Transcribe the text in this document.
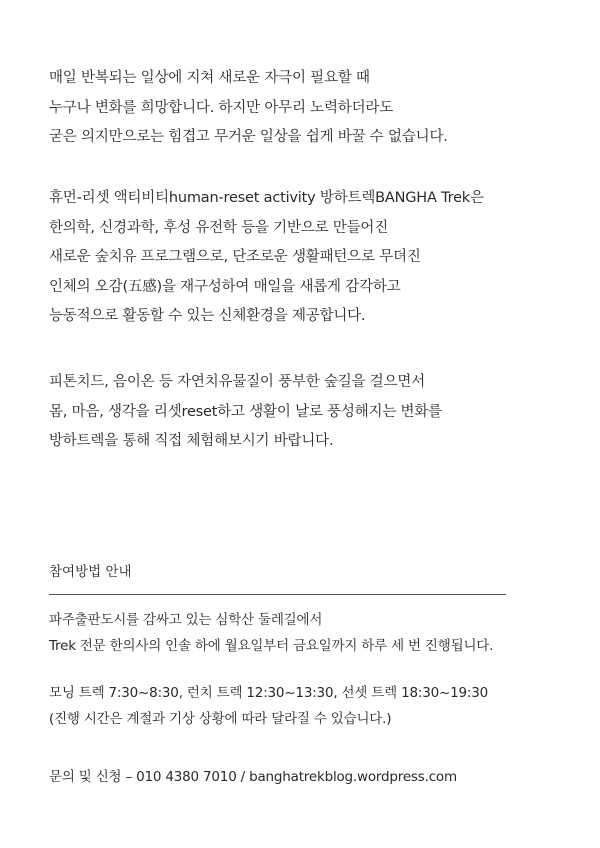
매일 반복되는 일상에 지쳐 새로운 자극이 필요할 때
누구나 변화를 희망합니다. 하지만 아무리 노력하더라도
굳은 의지만으로는 힘겹고 무거운 일상을 쉽게 바꿀 수 없습니다.
휴먼-리셋 액티비티human-reset activity 방하트렉BANGHA Trek은
한의학, 신경과학, 후성 유전학 등을 기반으로 만들어진
새로운 숲치유 프로그램으로, 단조로운 생활패턴으로 무뎌진
인체의 오감(五感)을 재구성하여 매일을 새롭게 감각하고
능동적으로 활동할 수 있는 신체환경을 제공합니다.
피톤치드, 음이온 등 자연치유물질이 풍부한 숲길을 걸으면서
몸, 마음, 생각을 리셋reset하고 생활이 날로 풍성해지는 변화를
방하트렉을 통해 직접 체험해보시기 바랍니다.
참여방법 안내
파주출판도시를 감싸고 있는 심학산 둘레길에서
Trek 전문 한의사의 인솔 하에 월요일부터 금요일까지 하루 세 번 진행됩니다.
모닝 트렉 7:30~8:30, 런치 트렉 12:30~13:30, 선셋 트렉 18:30~19:30
(진행 시간은 계절과 기상 상황에 따라 달라질 수 있습니다.)
문의 및 신청 – 010 4380 7010 / banghatrekblog.wordpress.com
